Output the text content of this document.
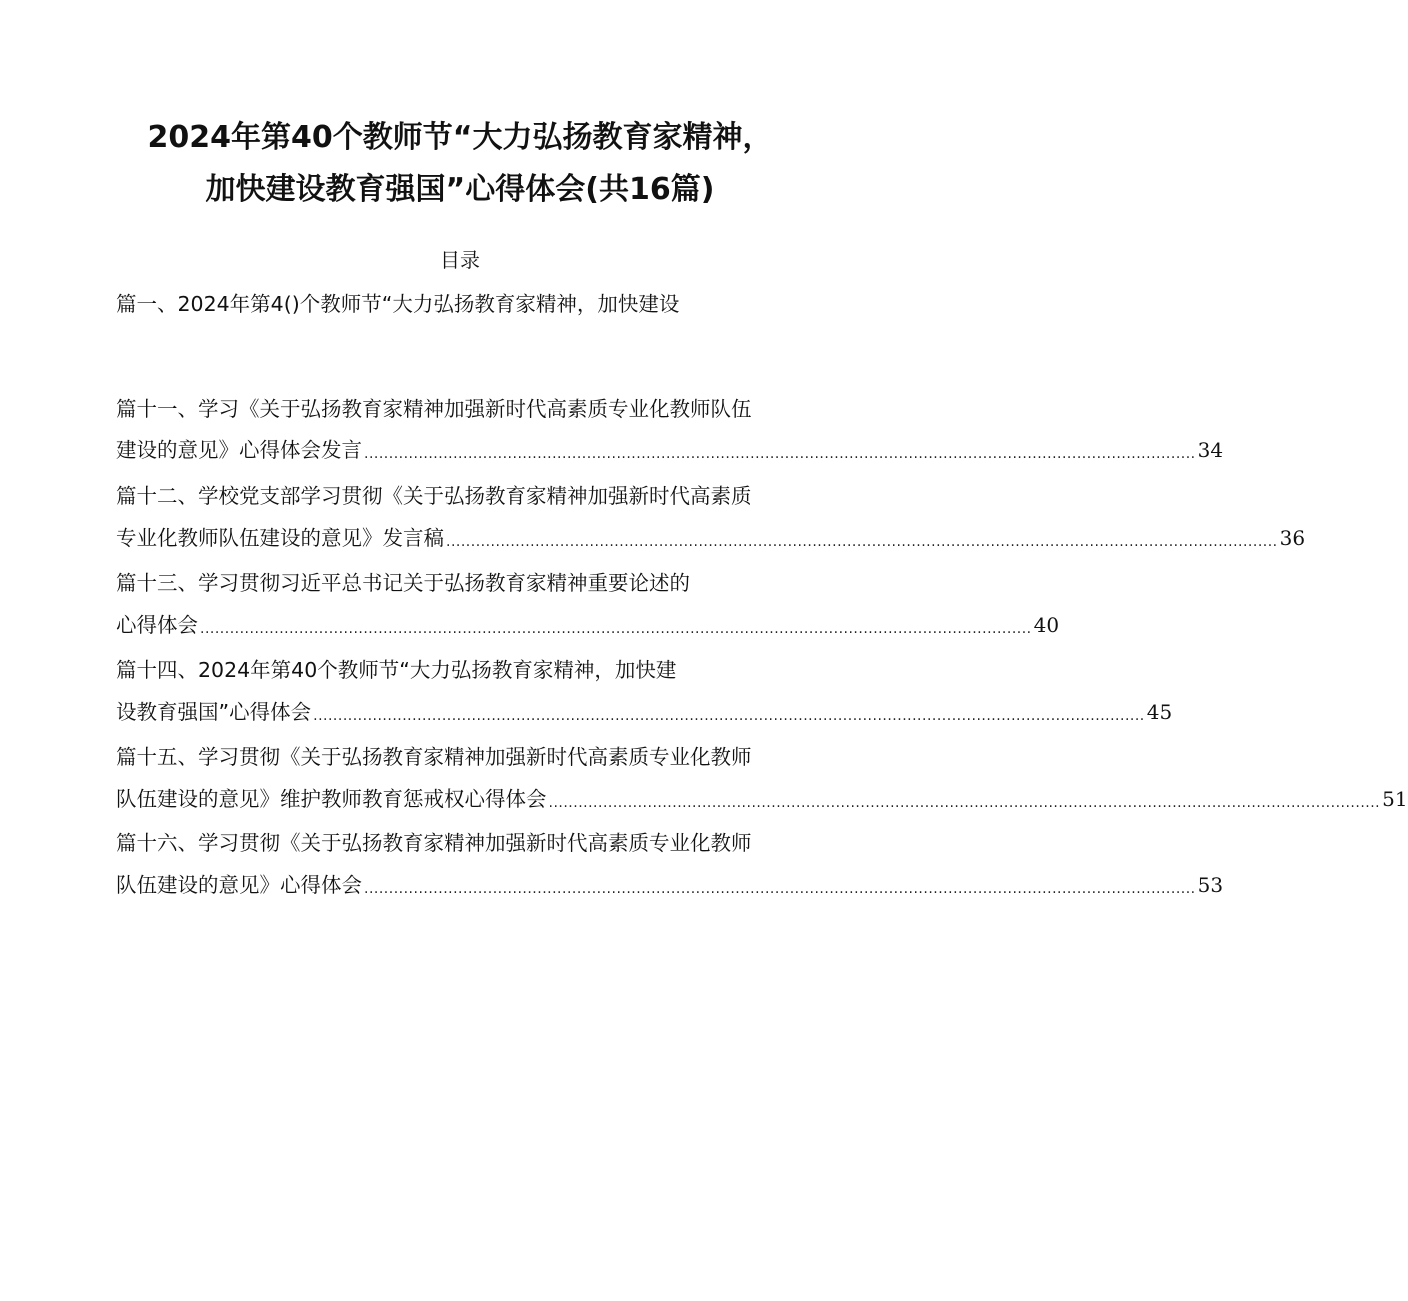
2024年第40个教师节“大力弘扬教育家精神，
加快建设教育强国”心得体会(共16篇)
目录
篇一、2024年第4()个教师节“大力弘扬教育家精神，加快建设
篇十一、学习《关于弘扬教育家精神加强新时代高素质专业化教师队伍
建设的意见》心得体会发言 ........................................................................................................................................................................ 34
篇十二、学校党支部学习贯彻《关于弘扬教育家精神加强新时代高素质
专业化教师队伍建设的意见》发言稿 ........................................................................................................................................................................ 36
篇十三、学习贯彻习近平总书记关于弘扬教育家精神重要论述的
心得体会 ........................................................................................................................................................................ 40
篇十四、2024年第40个教师节“大力弘扬教育家精神，加快建
设教育强国”心得体会 ........................................................................................................................................................................ 45
篇十五、学习贯彻《关于弘扬教育家精神加强新时代高素质专业化教师
队伍建设的意见》维护教师教育惩戒权心得体会 ........................................................................................................................................................................ 51
篇十六、学习贯彻《关于弘扬教育家精神加强新时代高素质专业化教师
队伍建设的意见》心得体会 ........................................................................................................................................................................ 53
